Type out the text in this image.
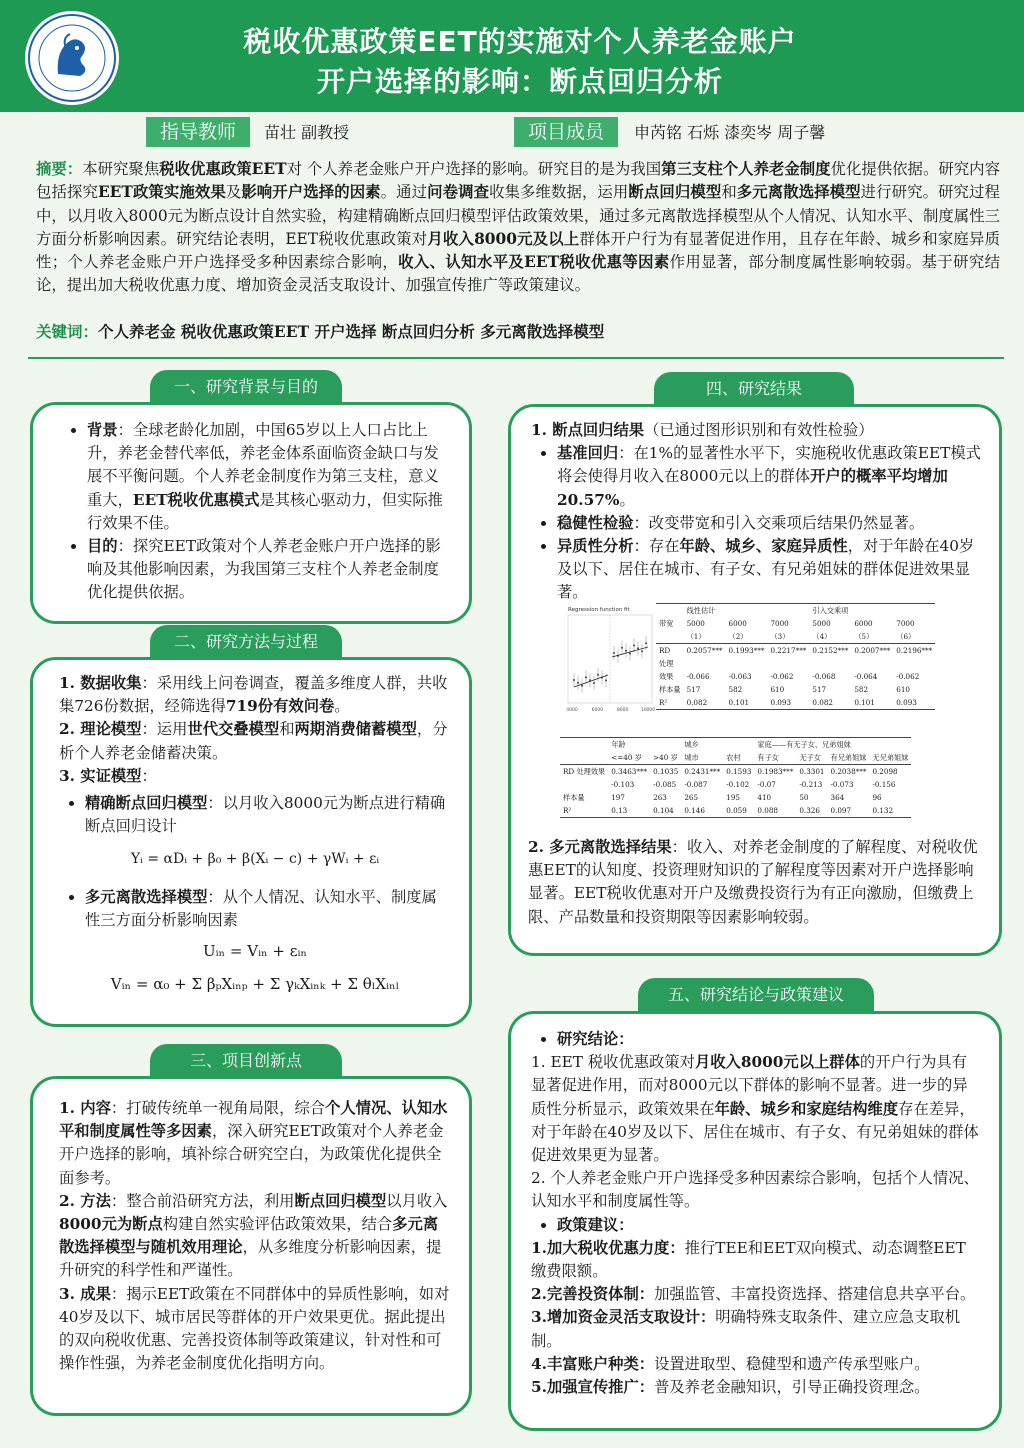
税收优惠政策EET的实施对个人养老金账户
开户选择的影响：断点回归分析
指导教师	苗壮 副教授	项目成员	申芮铭 石烁 漆奕岑 周子馨
摘要：本研究聚焦税收优惠政策EET对 个人养老金账户开户选择的影响。研究目的是为我国第三支柱个人养老金制度优化提供依据。研究内容包括探究EET政策实施效果及影响开户选择的因素。通过问卷调查收集多维数据，运用断点回归模型和多元离散选择模型进行研究。研究过程中，以月收入8000元为断点设计自然实验，构建精确断点回归模型评估政策效果，通过多元离散选择模型从个人情况、认知水平、制度属性三方面分析影响因素。研究结论表明，EET税收优惠政策对月收入8000元及以上群体开户行为有显著促进作用，且存在年龄、城乡和家庭异质性；个人养老金账户开户选择受多种因素综合影响，收入、认知水平及EET税收优惠等因素作用显著，部分制度属性影响较弱。基于研究结论，提出加大税收优惠力度、增加资金灵活支取设计、加强宣传推广等政策建议。
关键词：个人养老金 税收优惠政策EET 开户选择 断点回归分析 多元离散选择模型
一、研究背景与目的
• 背景：全球老龄化加剧，中国65岁以上人口占比上升，养老金替代率低，养老金体系面临资金缺口与发展不平衡问题。个人养老金制度作为第三支柱，意义重大，EET税收优惠模式是其核心驱动力，但实际推行效果不佳。
• 目的：探究EET政策对个人养老金账户开户选择的影响及其他影响因素，为我国第三支柱个人养老金制度优化提供依据。
二、研究方法与过程
1. 数据收集：采用线上问卷调查，覆盖多维度人群，共收集726份数据，经筛选得719份有效问卷。
2. 理论模型：运用世代交叠模型和两期消费储蓄模型，分析个人养老金储蓄决策。
3. 实证模型：
• 精确断点回归模型：以月收入8000元为断点进行精确断点回归设计
Yᵢ = αDᵢ + β₀ + β(Xᵢ − c) + γWᵢ + εᵢ
• 多元离散选择模型：从个人情况、认知水平、制度属性三方面分析影响因素
Uᵢₙ = Vᵢₙ + εᵢₙ
Vᵢₙ = α₀ + Σ βₚXᵢₙₚ + Σ γₖXᵢₙₖ + Σ θₗXᵢₙₗ
三、项目创新点
1. 内容：打破传统单一视角局限，综合个人情况、认知水平和制度属性等多因素，深入研究EET政策对个人养老金开户选择的影响，填补综合研究空白，为政策优化提供全面参考。
2. 方法：整合前沿研究方法，利用断点回归模型以月收入8000元为断点构建自然实验评估政策效果，结合多元离散选择模型与随机效用理论，从多维度分析影响因素，提升研究的科学性和严谨性。
3. 成果：揭示EET政策在不同群体中的异质性影响，如对40岁及以下、城市居民等群体的开户效果更优。据此提出的双向税收优惠、完善投资体制等政策建议，针对性和可操作性强，为养老金制度优化指明方向。
四、研究结果
1. 断点回归结果（已通过图形识别和有效性检验）
• 基准回归：在1%的显著性水平下，实施税收优惠政策EET模式将会使得月收入在8000元以上的群体开户的概率平均增加20.57%。
• 稳健性检验：改变带宽和引入交乘项后结果仍然显著。
• 异质性分析：存在年龄、城乡、家庭异质性，对于年龄在40岁及以下、居住在城市、有子女、有兄弟姐妹的群体促进效果显著。
Regression function fit
4000	6000	8000	10000
	线性估计			引入交乘项		
带宽	5000	6000	7000	5000	6000	7000
	（1）	（2）	（3）	（4）	（5）	（6）
RD	0.2057***	0.1993***	0.2217***	0.2152***	0.2007***	0.2196***
处理						
效果	-0.066	-0.063	-0.062	-0.068	-0.064	-0.062
样本量	517	582	610	517	582	610
R²	0.082	0.101	0.093	0.082	0.101	0.093
	年龄		城乡		家庭——有无子女、兄弟姐妹			
	<=40 岁	>40 岁	城市	农村	有子女	无子女	有兄弟姐妹	无兄弟姐妹
RD 处理效果	0.3463***	0.1035	0.2431***	0.1593	0.1983***	0.3301	0.2038***	0.2098
	-0.103	-0.085	-0.087	-0.102	-0.07	-0.213	-0.073	-0.156
样本量	197	263	265	195	410	50	364	96
R²	0.13	0.104	0.146	0.059	0.088	0.326	0.097	0.132
2. 多元离散选择结果：收入、对养老金制度的了解程度、对税收优惠EET的认知度、投资理财知识的了解程度等因素对开户选择影响显著。EET税收优惠对开户及缴费投资行为有正向激励，但缴费上限、产品数量和投资期限等因素影响较弱。
五、研究结论与政策建议
• 研究结论：
1. EET 税收优惠政策对月收入8000元以上群体的开户行为具有显著促进作用，而对8000元以下群体的影响不显著。进一步的异质性分析显示，政策效果在年龄、城乡和家庭结构维度存在差异，对于年龄在40岁及以下、居住在城市、有子女、有兄弟姐妹的群体促进效果更为显著。
2. 个人养老金账户开户选择受多种因素综合影响，包括个人情况、认知水平和制度属性等。
• 政策建议：
1.加大税收优惠力度：推行TEE和EET双向模式、动态调整EET缴费限额。
2.完善投资体制：加强监管、丰富投资选择、搭建信息共享平台。
3.增加资金灵活支取设计：明确特殊支取条件、建立应急支取机制。
4.丰富账户种类：设置进取型、稳健型和遗产传承型账户。
5.加强宣传推广：普及养老金融知识，引导正确投资理念。
